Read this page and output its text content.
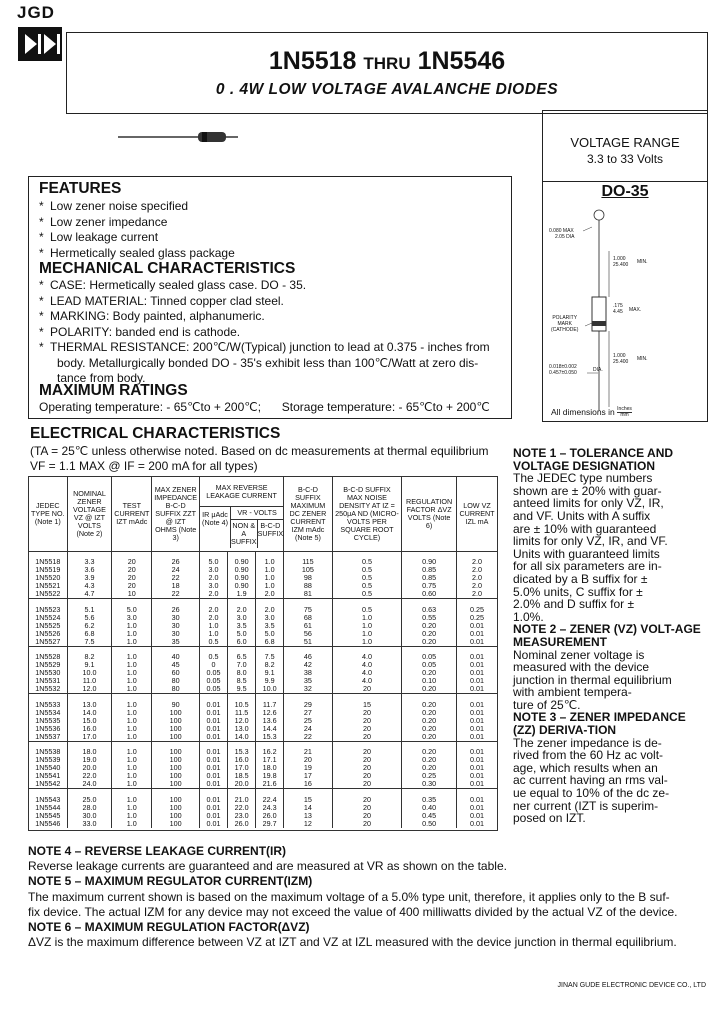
JGD
1N5518 THRU 1N5546
0 . 4W LOW VOLTAGE AVALANCHE DIODES
VOLTAGE RANGE
3.3 to 33 Volts
DO-35
0.080 MAX
2.05 DIA
1.000
25.400 MIN.
.175
4.45 MAX.
POLARITY
MARK
(CATHODE)
1.000
25.400 MIN.
0.018±0.002
0.457±0.050	DIA.
All dimensions in Inches
mm
FEATURES
* Low zener noise specified
* Low zener impedance
* Low leakage current
* Hermetically sealed glass package
MECHANICAL CHARACTERISTICS
* CASE: Hermetically sealed glass case. DO - 35.
* LEAD MATERIAL: Tinned copper clad steel.
* MARKING: Body painted, alphanumeric.
* POLARITY: banded end is cathode.
* THERMAL RESISTANCE: 200℃/W(Typical) junction to lead at 0.375 - inches from
body. Metallurgically bonded DO - 35's exhibit less than 100℃/Watt at zero dis-
tance from body.
MAXIMUM RATINGS
Operating temperature: - 65℃to + 200℃; Storage temperature: - 65℃to + 200℃
ELECTRICAL CHARACTERISTICS
(TA = 25℃ unless otherwise noted. Based on dc measurements at thermal equilibrium
VF = 1.1 MAX @ IF = 200 mA for all types)
JEDEC TYPE NO. (Note 1)	NOMINAL ZENER VOLTAGE VZ @ IZT VOLTS (Note 2)	TEST CURRENT IZT mAdc	MAX ZENER IMPEDANCE B-C-D SUFFIX ZZT @ IZT OHMS (Note 3)	MAX REVERSE LEAKAGE CURRENT
IR μAdc (Note 4)
VR - VOLTS
NON & A SUFFIX
B-C-D SUFFIX			B-C-D SUFFIX MAXIMUM DC ZENER CURRENT IZM mAdc (Note 5)	B-C-D SUFFIX MAX NOISE DENSITY AT IZ = 250μA ND (MICRO-VOLTS PER SQUARE ROOT CYCLE)	REGULATION FACTOR ΔVZ VOLTS (Note 6)	LOW VZ CURRENT IZL mA
1N5518	3.3	20	26	5.0	0.90	1.0	115	0.5	0.90	2.0
1N5519	3.6	20	24	3.0	0.90	1.0	105	0.5	0.85	2.0
1N5520	3.9	20	22	2.0	0.90	1.0	98	0.5	0.85	2.0
1N5521	4.3	20	18	3.0	0.90	1.0	88	0.5	0.75	2.0
1N5522	4.7	10	22	2.0	1.9	2.0	81	0.5	0.60	2.0
1N5523	5.1	5.0	26	2.0	2.0	2.0	75	0.5	0.63	0.25
1N5524	5.6	3.0	30	2.0	3.0	3.0	68	1.0	0.55	0.25
1N5525	6.2	1.0	30	1.0	3.5	3.5	61	1.0	0.20	0.01
1N5526	6.8	1.0	30	1.0	5.0	5.0	56	1.0	0.20	0.01
1N5527	7.5	1.0	35	0.5	6.0	6.8	51	1.0	0.20	0.01
1N5528	8.2	1.0	40	0.5	6.5	7.5	46	4.0	0.05	0.01
1N5529	9.1	1.0	45	0	7.0	8.2	42	4.0	0.05	0.01
1N5530	10.0	1.0	60	0.05	8.0	9.1	38	4.0	0.20	0.01
1N5531	11.0	1.0	80	0.05	8.5	9.9	35	4.0	0.10	0.01
1N5532	12.0	1.0	80	0.05	9.5	10.0	32	20	0.20	0.01
1N5533	13.0	1.0	90	0.01	10.5	11.7	29	15	0.20	0.01
1N5534	14.0	1.0	100	0.01	11.5	12.6	27	20	0.20	0.01
1N5535	15.0	1.0	100	0.01	12.0	13.6	25	20	0.20	0.01
1N5536	16.0	1.0	100	0.01	13.0	14.4	24	20	0.20	0.01
1N5537	17.0	1.0	100	0.01	14.0	15.3	22	20	0.20	0.01
1N5538	18.0	1.0	100	0.01	15.3	16.2	21	20	0.20	0.01
1N5539	19.0	1.0	100	0.01	16.0	17.1	20	20	0.20	0.01
1N5540	20.0	1.0	100	0.01	17.0	18.0	19	20	0.20	0.01
1N5541	22.0	1.0	100	0.01	18.5	19.8	17	20	0.25	0.01
1N5542	24.0	1.0	100	0.01	20.0	21.6	16	20	0.30	0.01
1N5543	25.0	1.0	100	0.01	21.0	22.4	15	20	0.35	0.01
1N5544	28.0	1.0	100	0.01	22.0	24.3	14	20	0.40	0.01
1N5545	30.0	1.0	100	0.01	23.0	26.0	13	20	0.45	0.01
1N5546	33.0	1.0	100	0.01	26.0	29.7	12	20	0.50	0.01
NOTE 1 – TOLERANCE AND VOLTAGE DESIGNATION
The JEDEC type numbers
shown are ± 20% with guar-
anteed limits for only VZ, IR,
and VF. Units with A suffix
are ± 10% with guaranteed
limits for only VZ, IR, and VF.
Units with guaranteed limits
for all six parameters are in-
dicated by a B suffix for ±
5.0% units, C suffix for ±
2.0% and D suffix for ±
1.0%.
NOTE 2 – ZENER (VZ) VOLT-AGE MEASUREMENT
Nominal zener voltage is
measured with the device
junction in thermal equilibrium
with ambient tempera-
ture of 25℃.
NOTE 3 – ZENER IMPEDANCE (ZZ) DERIVA-TION
The zener impedance is de-
rived from the 60 Hz ac volt-
age, which results when an
ac current having an rms val-
ue equal to 10% of the dc ze-
ner current (IZT is superim-
posed on IZT.
NOTE 4 – REVERSE LEAKAGE CURRENT(IR)
Reverse leakage currents are guaranteed and are measured at VR as shown on the table.
NOTE 5 – MAXIMUM REGULATOR CURRENT(IZM)
The maximum current shown is based on the maximum voltage of a 5.0% type unit, therefore, it applies only to the B suf-
fix device. The actual IZM for any device may not exceed the value of 400 milliwatts divided by the actual VZ of the device.
NOTE 6 – MAXIMUM REGULATION FACTOR(ΔVZ)
ΔVZ is the maximum difference between VZ at IZT and VZ at IZL measured with the device junction in thermal equilibrium.
JINAN GUDE ELECTRONIC DEVICE CO., LTD
